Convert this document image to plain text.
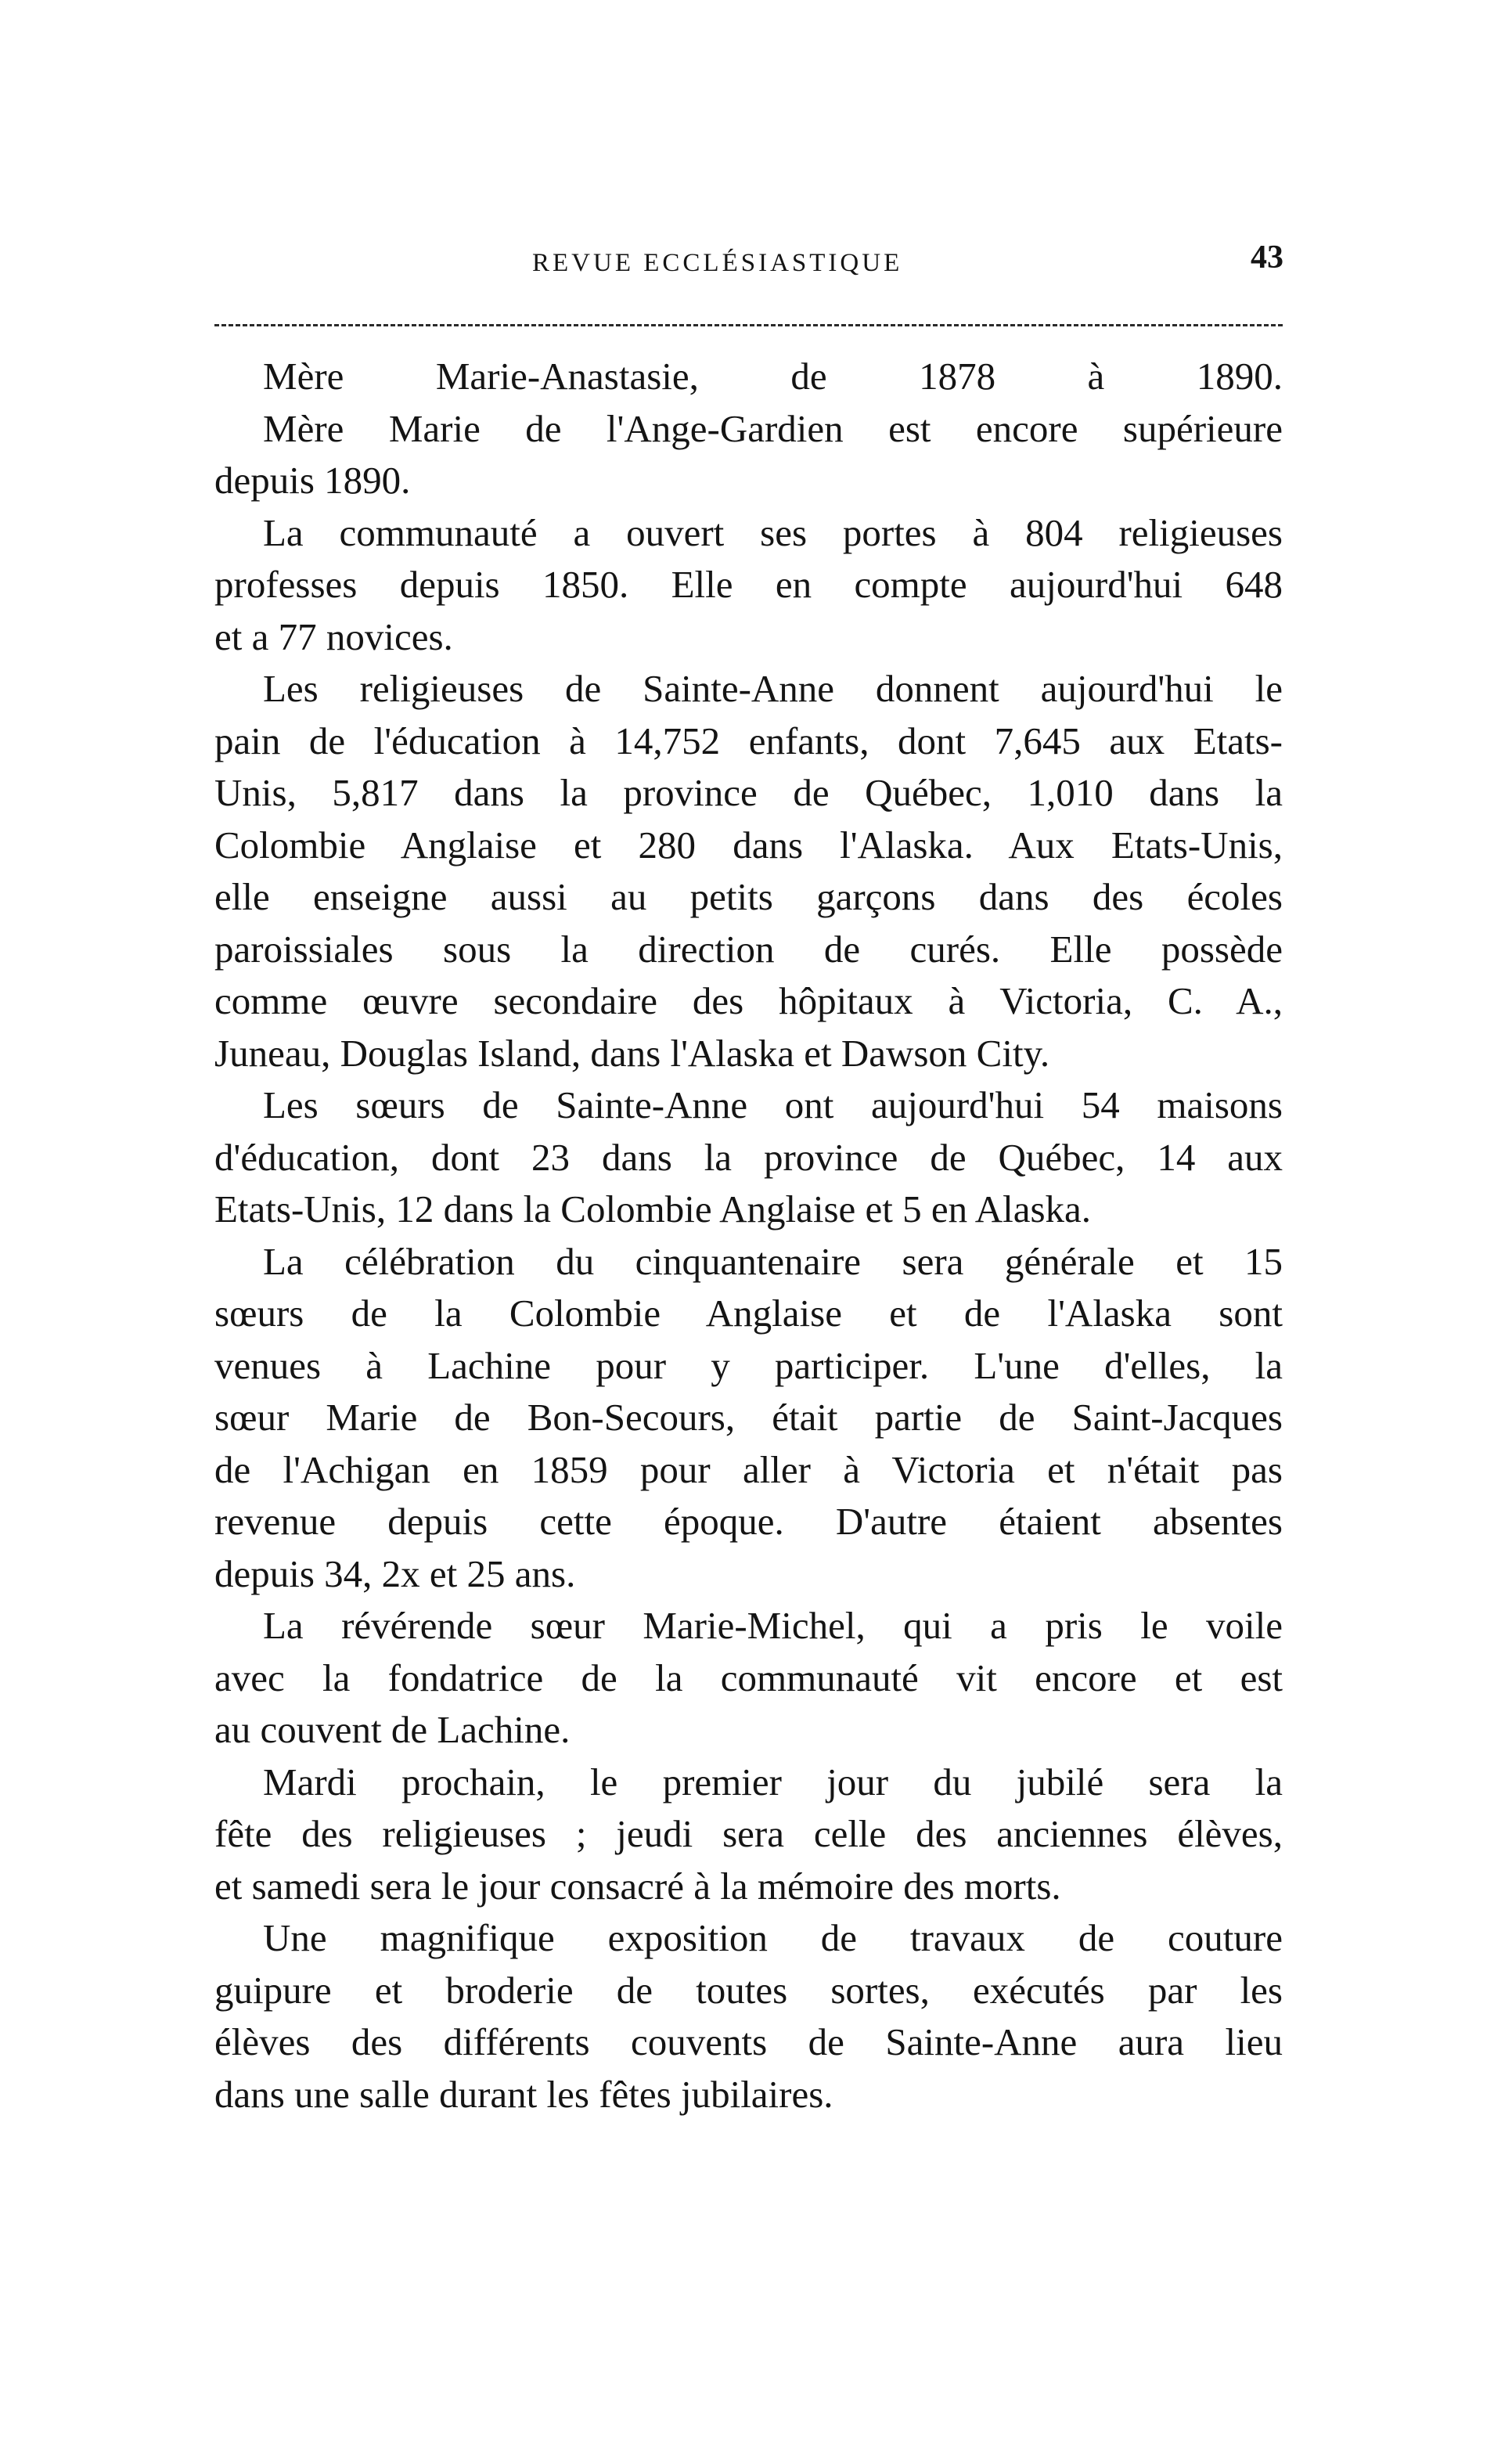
REVUE ECCLÉSIASTIQUE	43
Mère Marie-Anastasie, de 1878 à 1890.
Mère Marie de l'Ange-Gardien est encore supérieure
depuis 1890.
La communauté a ouvert ses portes à 804 religieuses
professes depuis 1850. Elle en compte aujourd'hui 648
et a 77 novices.
Les religieuses de Sainte-Anne donnent aujourd'hui le
pain de l'éducation à 14,752 enfants, dont 7,645 aux Etats-
Unis, 5,817 dans la province de Québec, 1,010 dans la
Colombie Anglaise et 280 dans l'Alaska. Aux Etats-Unis,
elle enseigne aussi au petits garçons dans des écoles
paroissiales sous la direction de curés. Elle possède
comme œuvre secondaire des hôpitaux à Victoria, C. A.,
Juneau, Douglas Island, dans l'Alaska et Dawson City.
Les sœurs de Sainte-Anne ont aujourd'hui 54 maisons
d'éducation, dont 23 dans la province de Québec, 14 aux
Etats-Unis, 12 dans la Colombie Anglaise et 5 en Alaska.
La célébration du cinquantenaire sera générale et 15
sœurs de la Colombie Anglaise et de l'Alaska sont
venues à Lachine pour y participer. L'une d'elles, la
sœur Marie de Bon-Secours, était partie de Saint-Jacques
de l'Achigan en 1859 pour aller à Victoria et n'était pas
revenue depuis cette époque. D'autre étaient absentes
depuis 34, 2x et 25 ans.
La révérende sœur Marie-Michel, qui a pris le voile
avec la fondatrice de la communauté vit encore et est
au couvent de Lachine.
Mardi prochain, le premier jour du jubilé sera la
fête des religieuses ; jeudi sera celle des anciennes élèves,
et samedi sera le jour consacré à la mémoire des morts.
Une magnifique exposition de travaux de couture
guipure et broderie de toutes sortes, exécutés par les
élèves des différents couvents de Sainte-Anne aura lieu
dans une salle durant les fêtes jubilaires.
